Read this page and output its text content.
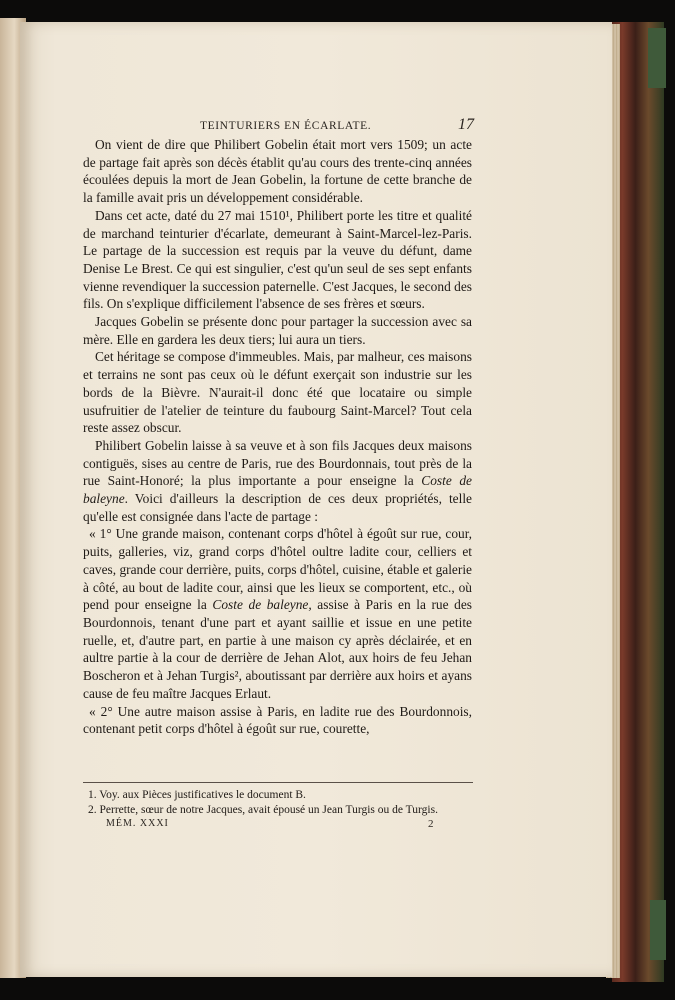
TEINTURIERS EN ÉCARLATE.	17

On vient de dire que Philibert Gobelin était mort vers 1509; un acte de partage fait après son décès établit qu'au cours des trente-cinq années écoulées depuis la mort de Jean Gobelin, la fortune de cette branche de la famille avait pris un développement considérable.

Dans cet acte, daté du 27 mai 1510¹, Philibert porte les titre et qualité de marchand teinturier d'écarlate, demeurant à Saint-Marcel-lez-Paris. Le partage de la succession est requis par la veuve du défunt, dame Denise Le Brest. Ce qui est singulier, c'est qu'un seul de ses sept enfants vienne revendiquer la succession paternelle. C'est Jacques, le second des fils. On s'explique difficilement l'absence de ses frères et sœurs.

Jacques Gobelin se présente donc pour partager la succession avec sa mère. Elle en gardera les deux tiers; lui aura un tiers.

Cet héritage se compose d'immeubles. Mais, par malheur, ces maisons et terrains ne sont pas ceux où le défunt exerçait son industrie sur les bords de la Bièvre. N'aurait-il donc été que locataire ou simple usufruitier de l'atelier de teinture du faubourg Saint-Marcel? Tout cela reste assez obscur.

Philibert Gobelin laisse à sa veuve et à son fils Jacques deux maisons contiguës, sises au centre de Paris, rue des Bourdonnais, tout près de la rue Saint-Honoré; la plus importante a pour enseigne la Coste de baleyne. Voici d'ailleurs la description de ces deux propriétés, telle qu'elle est consignée dans l'acte de partage :

« 1° Une grande maison, contenant corps d'hôtel à égoût sur rue, cour, puits, galleries, viz, grand corps d'hôtel oultre ladite cour, celliers et caves, grande cour derrière, puits, corps d'hôtel, cuisine, étable et galerie à côté, au bout de ladite cour, ainsi que les lieux se comportent, etc., où pend pour enseigne la Coste de baleyne, assise à Paris en la rue des Bourdonnois, tenant d'une part et ayant saillie et issue en une petite ruelle, et, d'autre part, en partie à une maison cy après déclairée, et en aultre partie à la cour de derrière de Jehan Alot, aux hoirs de feu Jehan Boscheron et à Jehan Turgis², aboutissant par derrière aux hoirs et ayans cause de feu maître Jacques Erlaut.

« 2° Une autre maison assise à Paris, en ladite rue des Bourdonnois, contenant petit corps d'hôtel à égoût sur rue, courette,

1. Voy. aux Pièces justificatives le document B.
2. Perrette, sœur de notre Jacques, avait épousé un Jean Turgis ou de Turgis.
MÉM. XXXI	2
